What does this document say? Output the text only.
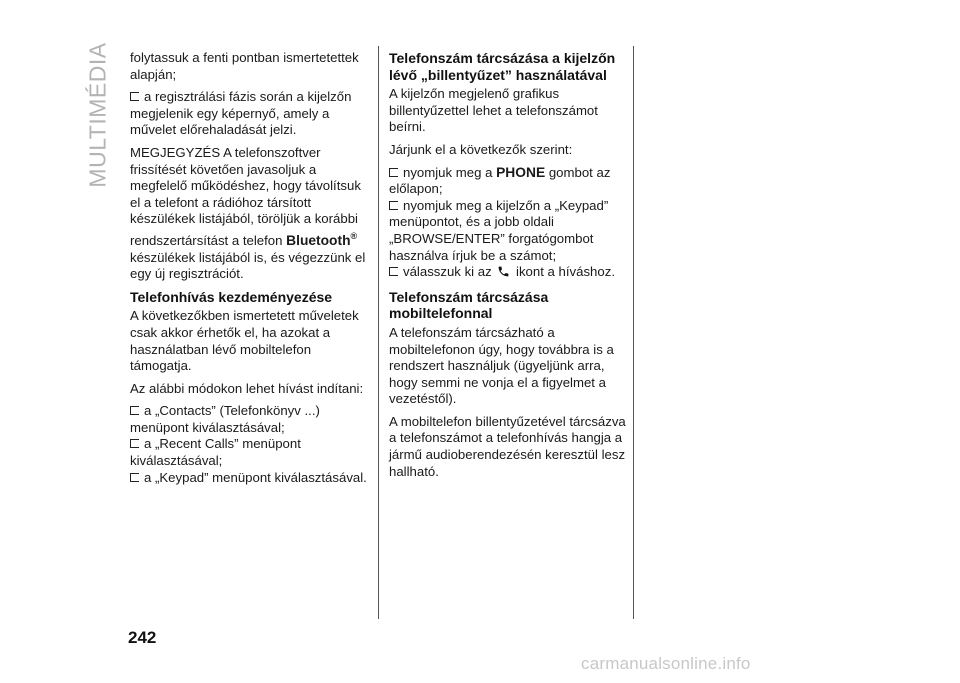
MULTIMÉDIA folytassuk a fenti pontban ismertetettek alapján;

a regisztrálási fázis során a kijelzőn megjelenik egy képernyő, amely a művelet előrehaladását jelzi.

MEGJEGYZÉS A telefonszoftver frissítését követően javasoljuk a megfelelő működéshez, hogy távolítsuk el a telefont a rádióhoz társított készülékek listájából, töröljük a korábbi rendszertársítást a telefon Bluetooth® készülékek listájából is, és végezzünk el egy új regisztrációt.

Telefonhívás kezdeményezése

A következőkben ismertetett műveletek csak akkor érhetők el, ha azokat a használatban lévő mobiltelefon támogatja.

Az alábbi módokon lehet hívást indítani:

a „Contacts” (Telefonkönyv ...) menüpont kiválasztásával;

a „Recent Calls” menüpont kiválasztásával;

a „Keypad” menüpont kiválasztásával.

Telefonszám tárcsázása a kijelzőn lévő „billentyűzet” használatával

A kijelzőn megjelenő grafikus billentyűzettel lehet a telefonszámot beírni.

Járjunk el a következők szerint:

nyomjuk meg a PHONE gombot az előlapon;

nyomjuk meg a kijelzőn a „Keypad” menüpontot, és a jobb oldali „BROWSE/ENTER” forgatógombot használva írjuk be a számot;

válasszuk ki az  ikont a híváshoz.

Telefonszám tárcsázása mobiltelefonnal

A telefonszám tárcsázható a mobiltelefonon úgy, hogy továbbra is a rendszert használjuk (ügyeljünk arra, hogy semmi ne vonja el a figyelmet a vezetéstől).

A mobiltelefon billentyűzetével tárcsázva a telefonszámot a telefonhívás hangja a jármű audioberendezésén keresztül lesz hallható.

242
carmanualsonline.info
